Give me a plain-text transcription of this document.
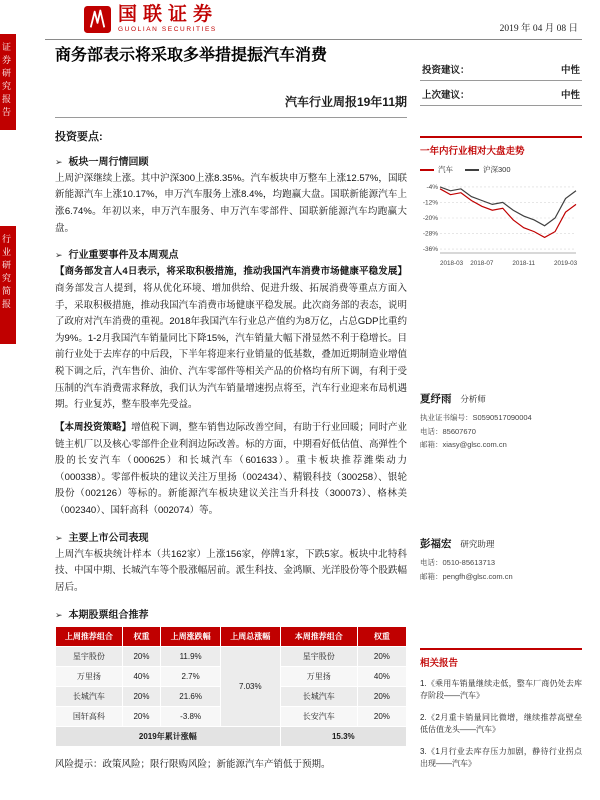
证券研究报告
行业研究简报
国联证券
GUOLIAN SECURITIES	2019 年 04 月 08 日
商务部表示将采取多举措提振汽车消费
汽车行业周报19年11期
投资要点:
➢ 板块一周行情回顾

上周沪深继续上涨。其中沪深300上涨8.35%。汽车板块申万整车上涨12.57%，国联新能源汽车上涨10.17%，申万汽车服务上涨8.4%，均跑赢大盘。国联新能源汽车上涨6.74%。年初以来，申万汽车服务、申万汽车零部件、国联新能源汽车均跑赢大盘。

➢ 行业重要事件及本周观点

【商务部发言人4日表示，将采取积极措施，推动我国汽车消费市场健康平稳发展】商务部发言人提到，将从优化环境、增加供给、促进升级、拓展消费等重点方面入手，采取积极措施，推动我国汽车消费市场健康平稳发展。此次商务部的表态，说明了政府对汽车消费的重视。2018年我国汽车行业总产值约为8万亿，占总GDP比重约为9%。1-2月我国汽车销量同比下降15%，汽车销量大幅下滑显然不利于稳增长。目前行业处于去库存的中后段，下半年将迎来行业销量的低基数，叠加近期制造业增值税下调之后，汽车售价、油价、汽车零部件等相关产品的价格均有所下调，有利于受压制的汽车消费需求释放，我们认为汽车销量增速拐点将至，汽车行业迎来布局机遇期。行业复苏，整车股率先受益。

【本周投资策略】增值税下调，整车销售边际改善空间，有助于行业回暖；同时产业链主机厂以及核心零部件企业利润边际改善。标的方面，中期看好低估值、高弹性个股的长安汽车（000625）和长城汽车（601633）。重卡板块推荐潍柴动力（000338）。零部件板块的建议关注万里扬（002434）、精锻科技（300258）、银轮股份（002126）等标的。新能源汽车板块建议关注当升科技（300073）、格林美（002340）、国轩高科（002074）等。

➢ 主要上市公司表现

上周汽车板块统计样本（共162家）上涨156家，停牌1家，下跌5家。板块中北特科技、中国中期、长城汽车等个股涨幅居前。派生科技、金鸿顺、光洋股份等个股跌幅居后。

➢ 本期股票组合推荐
上周推荐组合	权重	上周涨跌幅	上周总涨幅	本周推荐组合	权重
星宇股份	20%	11.9%	7.03%	星宇股份	20%
万里扬	40%	2.7%		万里扬	40%
长城汽车	20%	21.6%		长城汽车	20%
国轩高科	20%	-3.8%		长安汽车	20%
2019年累计涨幅				15.3%	

风险提示：政策风险；限行限购风险；新能源汽车产销低于预期。

投资建议：	中性
上次建议：	中性
一年内行业相对大盘走势
汽车	沪深300
-4%
-12%
-20%
-28%
-36%
2018-03 2018-07	2018-11	2019-03
夏纾雨 分析师
执业证书编号：S0590517090004
电话：85607670
邮箱：xiasy@glsc.com.cn
彭福宏 研究助理
电话：0510-85613713
邮箱：pengfh@glsc.com.cn
相关报告
1.《乘用车销量继续走低，整车厂商仍处去库存阶段——汽车》
2.《2月重卡销量同比微增，继续推荐高壁垒低估值龙头——汽车》
3.《1月行业去库存压力加剧，静待行业拐点出现——汽车》
